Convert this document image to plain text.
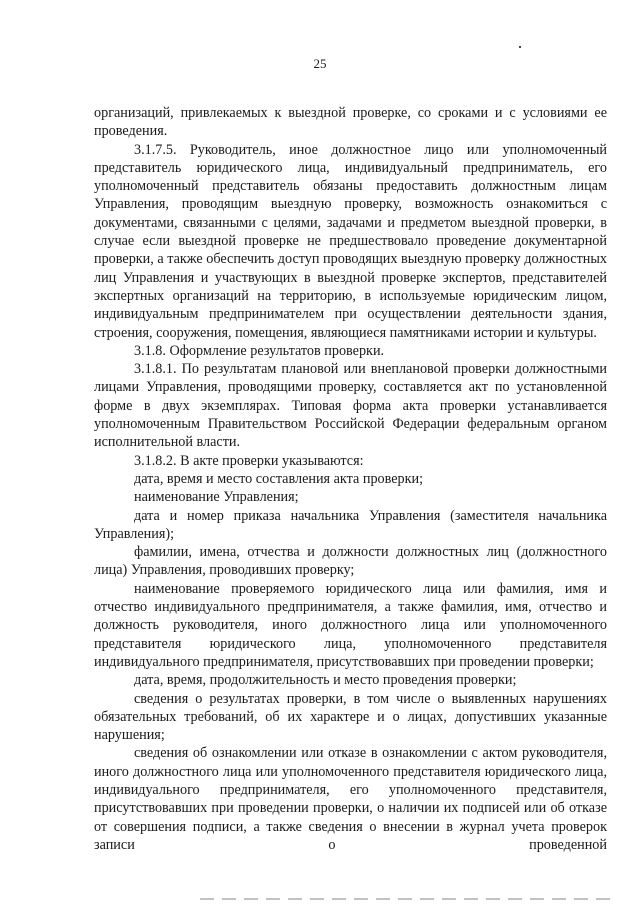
25

организаций, привлекаемых к выездной проверке, со сроками и с условиями ее проведения.

3.1.7.5. Руководитель, иное должностное лицо или уполномоченный представитель юридического лица, индивидуальный предприниматель, его уполномоченный представитель обязаны предоставить должностным лицам Управления, проводящим выездную проверку, возможность ознакомиться с документами, связанными с целями, задачами и предметом выездной проверки, в случае если выездной проверке не предшествовало проведение документарной проверки, а также обеспечить доступ проводящих выездную проверку должностных лиц Управления и участвующих в выездной проверке экспертов, представителей экспертных организаций на территорию, в используемые юридическим лицом, индивидуальным предпринимателем при осуществлении деятельности здания, строения, сооружения, помещения, являющиеся памятниками истории и культуры.

3.1.8. Оформление результатов проверки.

3.1.8.1. По результатам плановой или внеплановой проверки должностными лицами Управления, проводящими проверку, составляется акт по установленной форме в двух экземплярах. Типовая форма акта проверки устанавливается уполномоченным Правительством Российской Федерации федеральным органом исполнительной власти.

3.1.8.2. В акте проверки указываются:

дата, время и место составления акта проверки;

наименование Управления;

дата и номер приказа начальника Управления (заместителя начальника Управления);

фамилии, имена, отчества и должности должностных лиц (должностного лица) Управления, проводивших проверку;

наименование проверяемого юридического лица или фамилия, имя и отчество индивидуального предпринимателя, а также фамилия, имя, отчество и должность руководителя, иного должностного лица или уполномоченного представителя юридического лица, уполномоченного представителя индивидуального предпринимателя, присутствовавших при проведении проверки;

дата, время, продолжительность и место проведения проверки;

сведения о результатах проверки, в том числе о выявленных нарушениях обязательных требований, об их характере и о лицах, допустивших указанные нарушения;

сведения об ознакомлении или отказе в ознакомлении с актом руководителя, иного должностного лица или уполномоченного представителя юридического лица, индивидуального предпринимателя, его уполномоченного представителя, присутствовавших при проведении проверки, о наличии их подписей или об отказе от совершения подписи, а также сведения о внесении в журнал учета проверок записи о проведенной
